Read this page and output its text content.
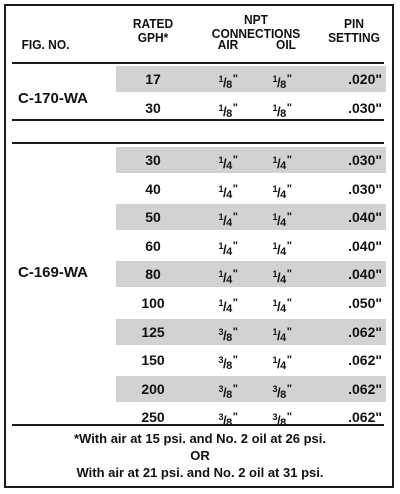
FIG. NO.
RATED
GPH*
NPT CONNECTIONS
AIR	OIL
PIN
SETTING
C-170-WA
17	$^1$/8"	$^1$/8"	.020"
30	$^1$/8"	$^1$/8"	.030"
C-169-WA
30	$^1$/4"	$^1$/4"	.030"
40	$^1$/4"	$^1$/4"	.030"
50	$^1$/4"	$^1$/4"	.040"
60	$^1$/4"	$^1$/4"	.040"
80	$^1$/4"	$^1$/4"	.040"
100	$^1$/4"	$^1$/4"	.050"
125	$^3$/8"	$^1$/4"	.062"
150	$^3$/8"	$^1$/4"	.062"
200	$^3$/8"	$^3$/8"	.062"
250	$^3$/8"	$^3$/8"	.062"
*With air at 15 psi. and No. 2 oil at 26 psi.
OR
With air at 21 psi. and No. 2 oil at 31 psi.
